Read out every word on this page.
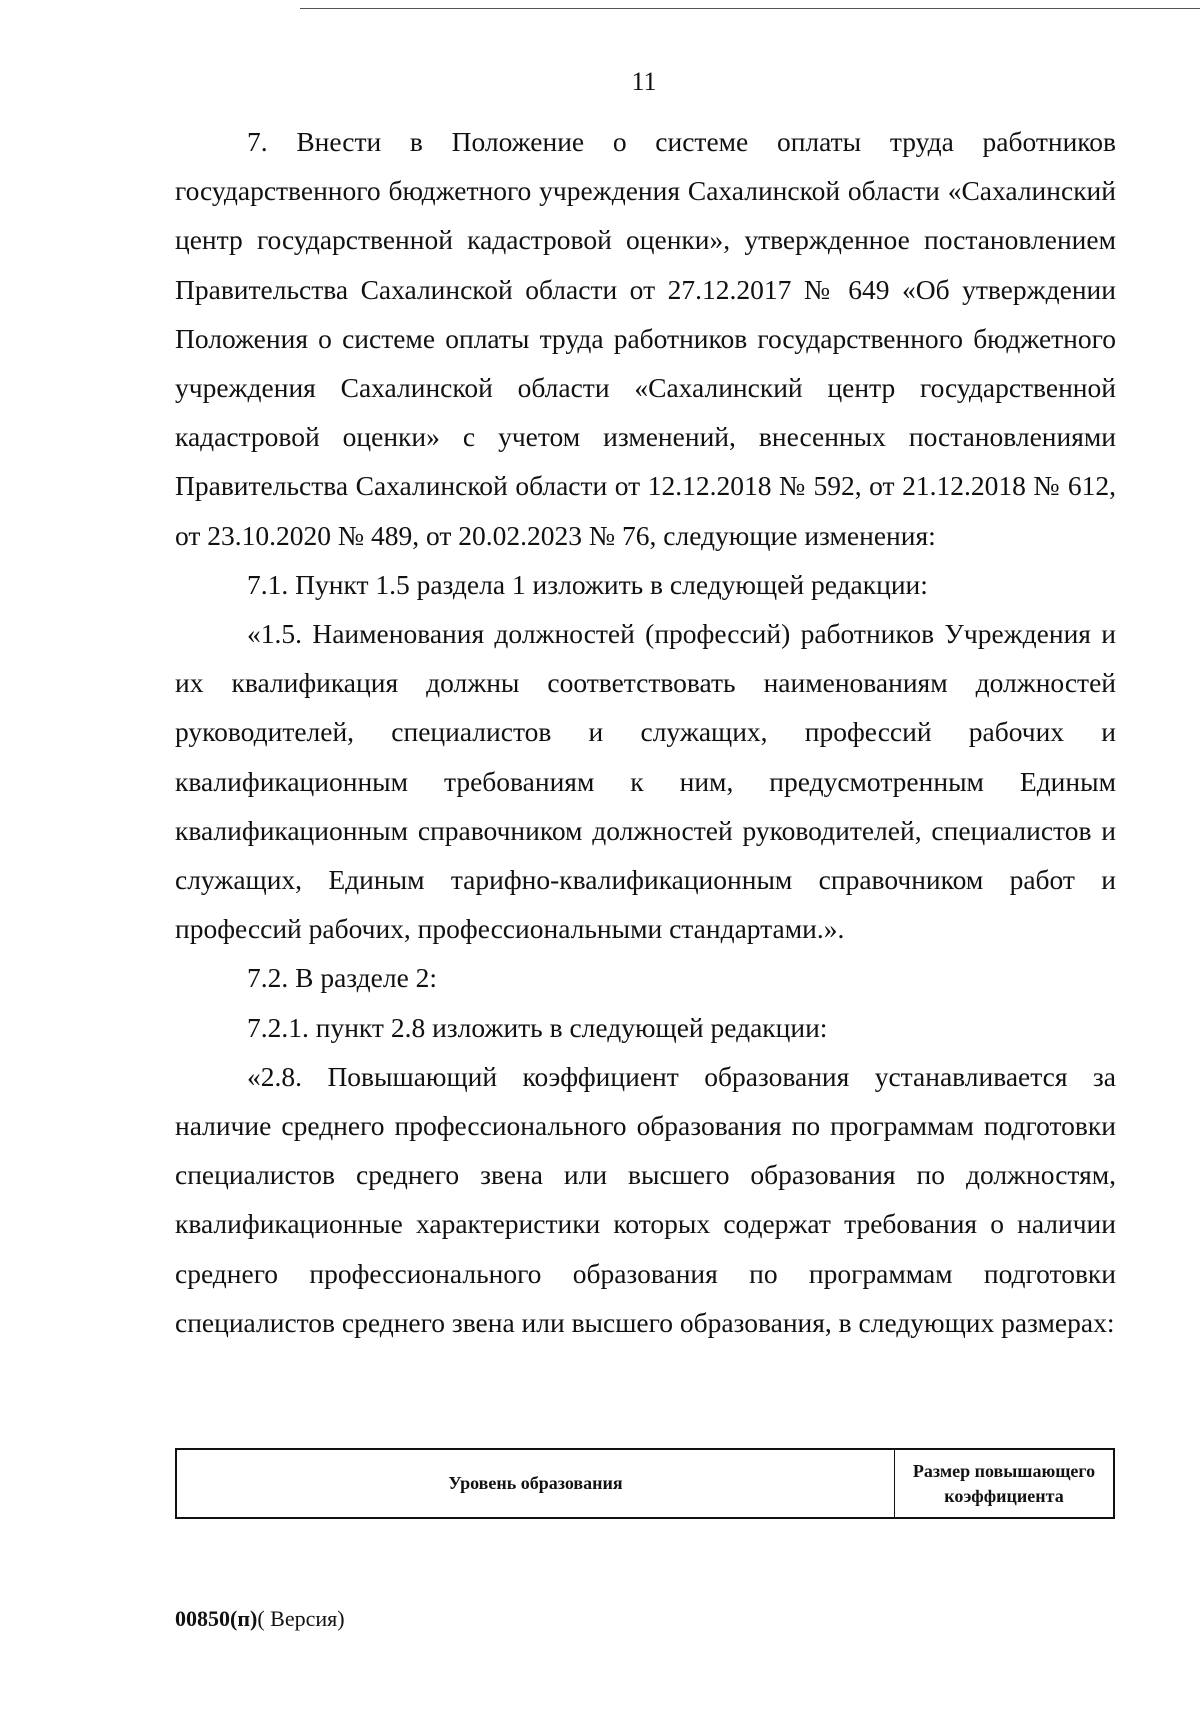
11

7. Внести в Положение о системе оплаты труда работников государственного бюджетного учреждения Сахалинской области «Сахалинский центр государственной кадастровой оценки», утвержденное постановлением Правительства Сахалинской области от 27.12.2017 № 649 «Об утверждении Положения о системе оплаты труда работников государственного бюджетного учреждения Сахалинской области «Сахалинский центр государственной кадастровой оценки» с учетом изменений, внесенных постановлениями Правительства Сахалинской области от 12.12.2018 № 592, от 21.12.2018 № 612, от 23.10.2020 № 489, от 20.02.2023 № 76, следующие изменения:

7.1. Пункт 1.5 раздела 1 изложить в следующей редакции:

«1.5. Наименования должностей (профессий) работников Учреждения и их квалификация должны соответствовать наименованиям должностей руководителей, специалистов и служащих, профессий рабочих и квалификационным требованиям к ним, предусмотренным Единым квалификационным справочником должностей руководителей, специалистов и служащих, Единым тарифно-квалификационным справочником работ и профессий рабочих, профессиональными стандартами.».

7.2. В разделе 2:

7.2.1. пункт 2.8 изложить в следующей редакции:

«2.8. Повышающий коэффициент образования устанавливается за наличие среднего профессионального образования по программам подготовки специалистов среднего звена или высшего образования по должностям, квалификационные характеристики которых содержат требования о наличии среднего профессионального образования по программам подготовки специалистов среднего звена или высшего образования, в следующих размерах:

Уровень образования
Размер повышающего коэффициента
00850(п)( Версия)
